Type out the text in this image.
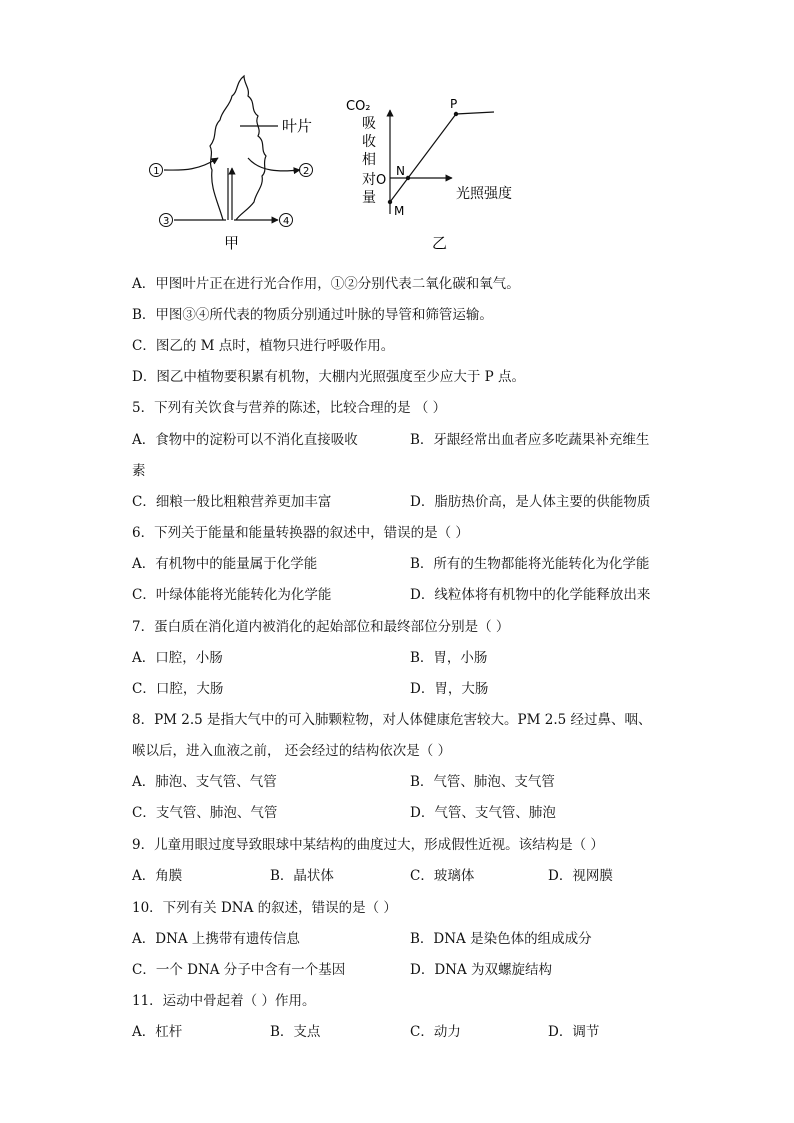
叶片
1	2
3	4
甲
CO₂
吸
收
相
对
量
O
M
N
P
光照强度
乙
A．甲图叶片正在进行光合作用，①②分别代表二氧化碳和氧气。
B．甲图③④所代表的物质分别通过叶脉的导管和筛管运输。
C．图乙的 M 点时，植物只进行呼吸作用。
D．图乙中植物要积累有机物，大棚内光照强度至少应大于 P 点。
5．下列有关饮食与营养的陈述，比较合理的是 （ ）
A．食物中的淀粉可以不消化直接吸收	B．牙龈经常出血者应多吃蔬果补充维生
素
C．细粮一般比粗粮营养更加丰富	D．脂肪热价高，是人体主要的供能物质
6．下列关于能量和能量转换器的叙述中，错误的是（ ）
A．有机物中的能量属于化学能	B．所有的生物都能将光能转化为化学能
C．叶绿体能将光能转化为化学能	D．线粒体将有机物中的化学能释放出来
7．蛋白质在消化道内被消化的起始部位和最终部位分别是（ ）
A．口腔，小肠	B．胃，小肠
C．口腔，大肠	D．胃，大肠
8．PM 2.5 是指大气中的可入肺颗粒物，对人体健康危害较大。PM 2.5 经过鼻、咽、
喉以后，进入血液之前， 还会经过的结构依次是（ ）
A．肺泡、支气管、气管	B．气管、肺泡、支气管
C．支气管、肺泡、气管	D．气管、支气管、肺泡
9．儿童用眼过度导致眼球中某结构的曲度过大，形成假性近视。该结构是（ ）
A．角膜	B．晶状体	C．玻璃体	D．视网膜
10．下列有关 DNA 的叙述，错误的是（ ）
A．DNA 上携带有遗传信息	B．DNA 是染色体的组成成分
C．一个 DNA 分子中含有一个基因	D．DNA 为双螺旋结构
11．运动中骨起着（ ）作用。
A．杠杆	B．支点	C．动力	D．调节
